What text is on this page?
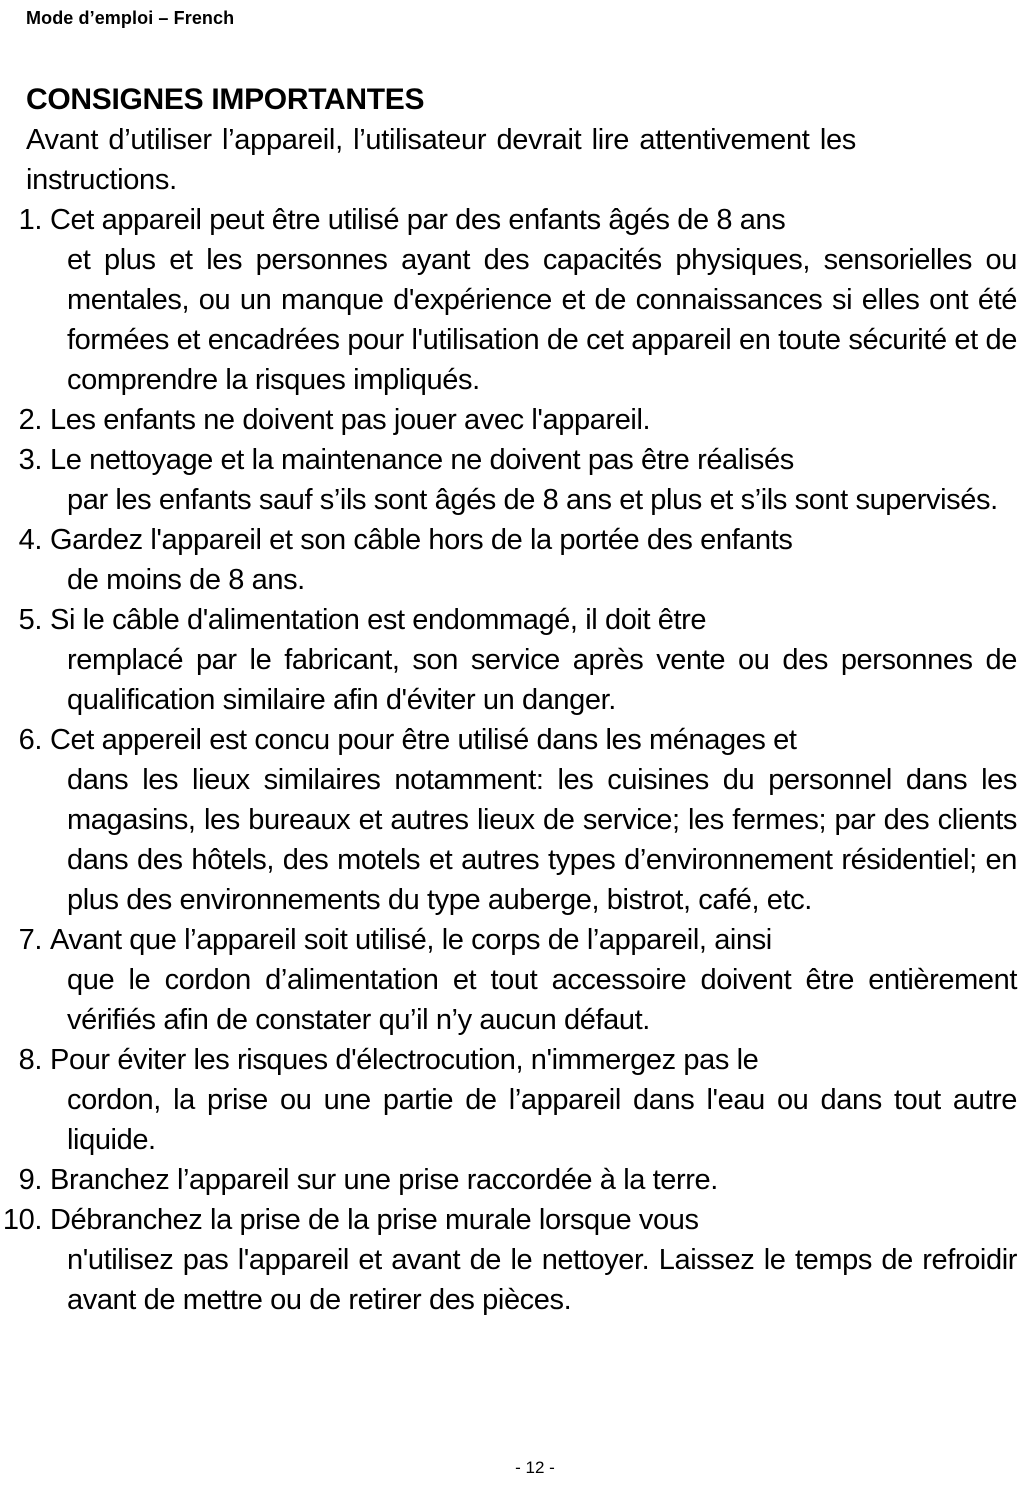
Mode d’emploi – French
CONSIGNES IMPORTANTES
Avant d’utiliser l’appareil, l’utilisateur devrait lire attentivement les instructions.
1. Cet appareil peut être utilisé par des enfants âgés de 8 ans
et plus et les personnes ayant des capacités physiques, sensorielles ou mentales, ou un manque d'expérience et de connaissances si elles ont été formées et encadrées pour l'utilisation de cet appareil en toute sécurité et de comprendre la risques impliqués.
2. Les enfants ne doivent pas jouer avec l'appareil.
3. Le nettoyage et la maintenance ne doivent pas être réalisés
par les enfants sauf s’ils sont âgés de 8 ans et plus et s’ils sont supervisés.
4. Gardez l'appareil et son câble hors de la portée des enfants
de moins de 8 ans.
5. Si le câble d'alimentation est endommagé, il doit être
remplacé par le fabricant, son service après vente ou des personnes de qualification similaire afin d'éviter un danger.
6. Cet appereil est concu pour être utilisé dans les ménages et
dans les lieux similaires notamment: les cuisines du personnel dans les magasins, les bureaux et autres lieux de service; les fermes; par des clients dans des hôtels, des motels et autres types d’environnement résidentiel; en plus des environnements du type auberge, bistrot, café, etc.
7. Avant que l’appareil soit utilisé, le corps de l’appareil, ainsi
que le cordon d’alimentation et tout accessoire doivent être entièrement vérifiés afin de constater qu’il n’y aucun défaut.
8. Pour éviter les risques d'électrocution, n'immergez pas le
cordon, la prise ou une partie de l’appareil dans l'eau ou dans tout autre liquide.
9. Branchez l’appareil sur une prise raccordée à la terre.
10. Débranchez la prise de la prise murale lorsque vous
n'utilisez pas l'appareil et avant de le nettoyer. Laissez le temps de refroidir avant de mettre ou de retirer des pièces.
- 12 -
